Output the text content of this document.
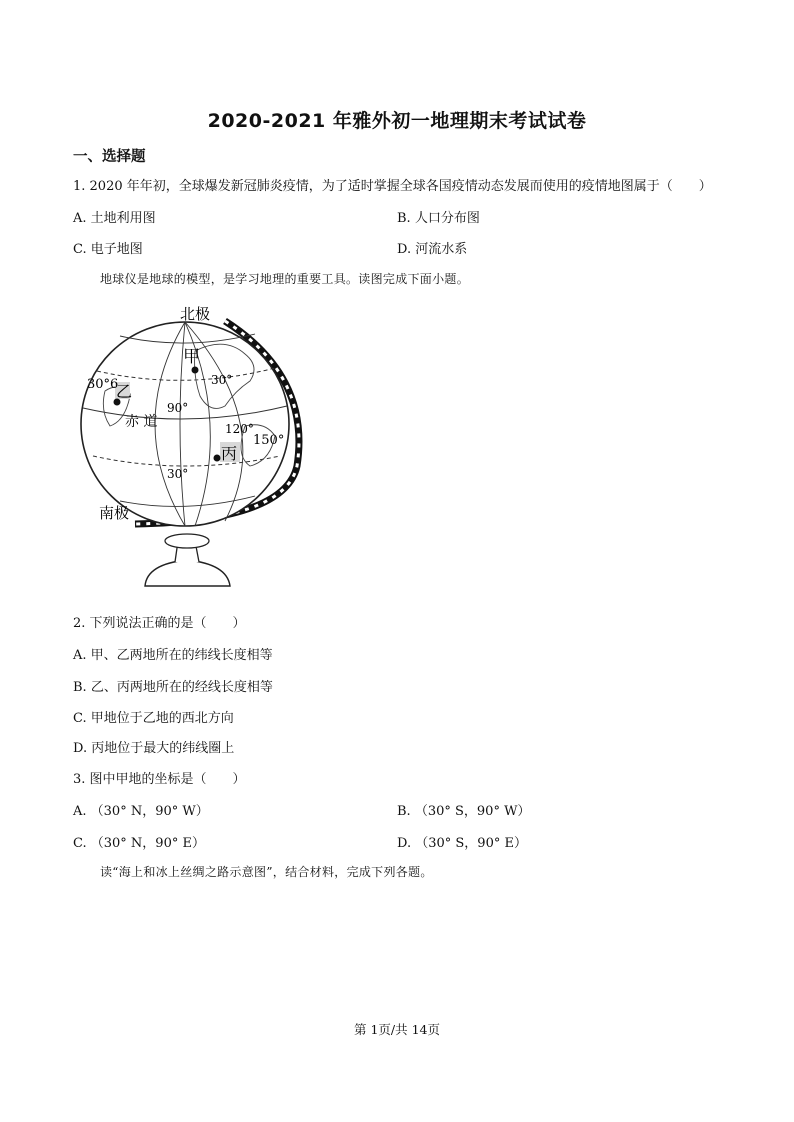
2020-2021 年雅外初一地理期末考试试卷
一、选择题
1. 2020 年年初，全球爆发新冠肺炎疫情，为了适时掌握全球各国疫情动态发展而使用的疫情地图属于（　　）
A. 土地利用图	B. 人口分布图
C. 电子地图	D. 河流水系
地球仪是地球的模型，是学习地理的重要工具。读图完成下面小题。
北极
南极
甲
乙
丙
赤 道
30°
30°
30° 6
90°
120°
150°
2. 下列说法正确的是（　　）
A. 甲、乙两地所在的纬线长度相等
B. 乙、丙两地所在的经线长度相等
C. 甲地位于乙地的西北方向
D. 丙地位于最大的纬线圈上
3. 图中甲地的坐标是（　　）
A. （30° N，90° W）	B. （30° S，90° W）
C. （30° N，90° E）	D. （30° S，90° E）
读“海上和冰上丝绸之路示意图”，结合材料，完成下列各题。
第 1页/共 14页
